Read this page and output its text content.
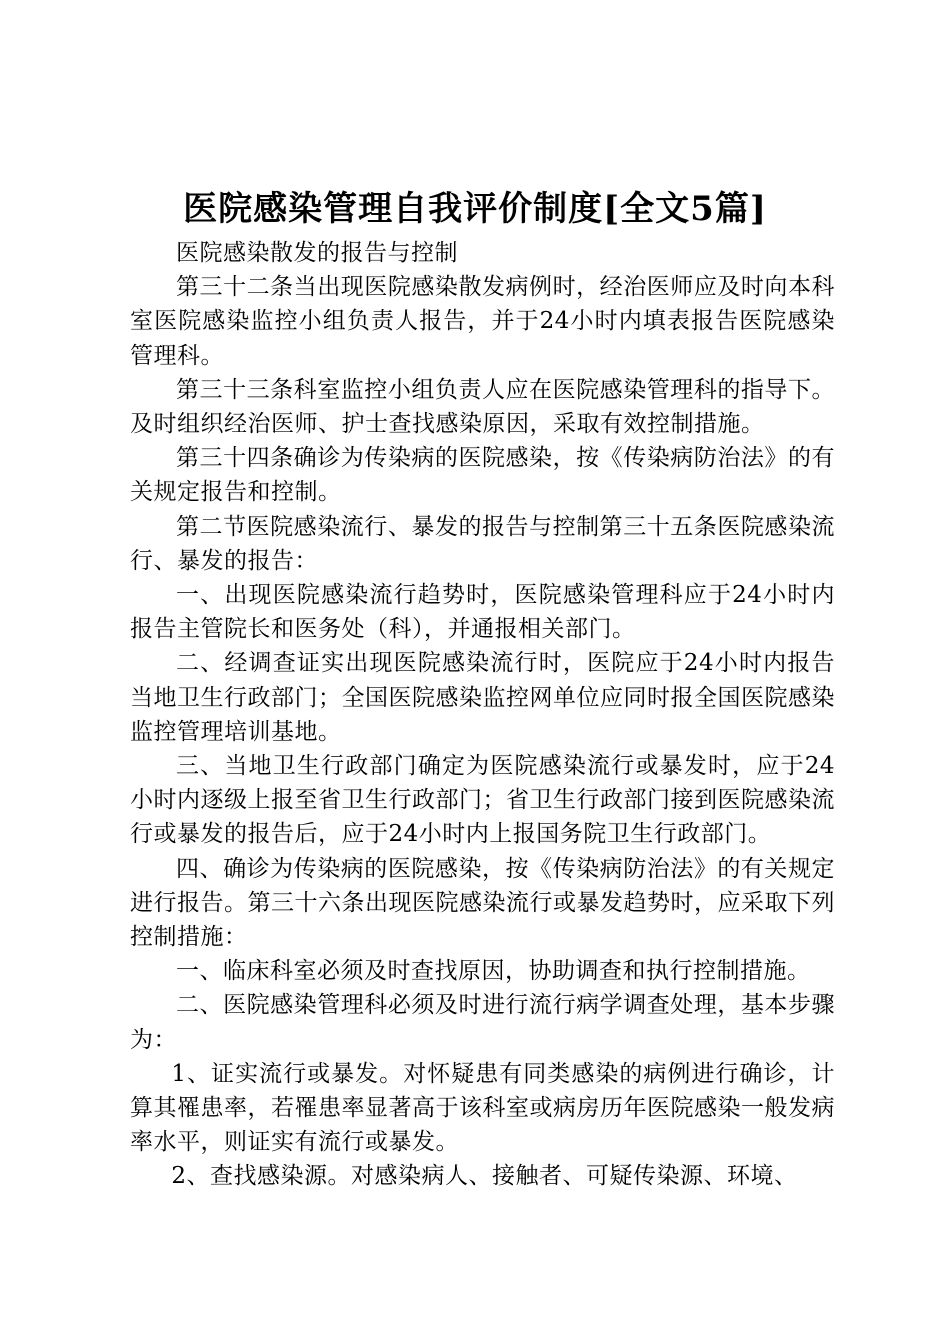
医院感染管理自我评价制度[全文5篇]

医院感染散发的报告与控制

第三十二条当出现医院感染散发病例时，经治医师应及时向本科室医院感染监控小组负责人报告，并于24小时内填表报告医院感染管理科。

第三十三条科室监控小组负责人应在医院感染管理科的指导下。及时组织经治医师、护士查找感染原因，采取有效控制措施。

第三十四条确诊为传染病的医院感染，按《传染病防治法》的有关规定报告和控制。

第二节医院感染流行、暴发的报告与控制第三十五条医院感染流行、暴发的报告：

一、出现医院感染流行趋势时，医院感染管理科应于24小时内报告主管院长和医务处（科），并通报相关部门。

二、经调查证实出现医院感染流行时，医院应于24小时内报告当地卫生行政部门；全国医院感染监控网单位应同时报全国医院感染监控管理培训基地。

三、当地卫生行政部门确定为医院感染流行或暴发时，应于24小时内逐级上报至省卫生行政部门；省卫生行政部门接到医院感染流行或暴发的报告后，应于24小时内上报国务院卫生行政部门。

四、确诊为传染病的医院感染，按《传染病防治法》的有关规定进行报告。第三十六条出现医院感染流行或暴发趋势时，应采取下列控制措施：

一、临床科室必须及时查找原因，协助调查和执行控制措施。

二、医院感染管理科必须及时进行流行病学调查处理，基本步骤为：

1、证实流行或暴发。对怀疑患有同类感染的病例进行确诊，计算其罹患率，若罹患率显著高于该科室或病房历年医院感染一般发病率水平，则证实有流行或暴发。

2、查找感染源。对感染病人、接触者、可疑传染源、环境、
